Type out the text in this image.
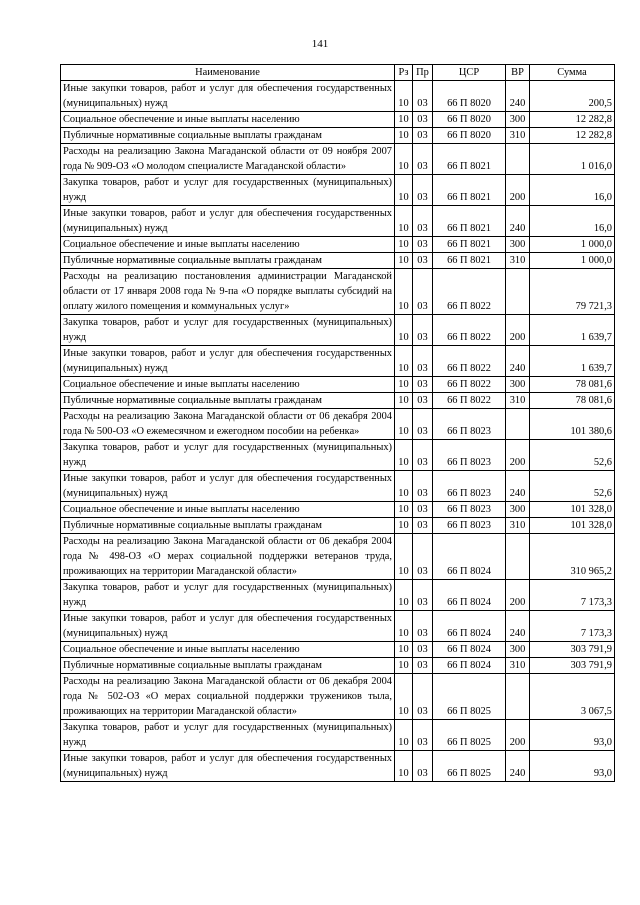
141
Наименование	Рз	Пр	ЦСР	ВР	Сумма
Иные закупки товаров, работ и услуг для обеспечения государственных (муниципальных) нужд	10	03	66 П 8020	240	200,5
Социальное обеспечение и иные выплаты населению	10	03	66 П 8020	300	12 282,8
Публичные нормативные социальные выплаты гражданам	10	03	66 П 8020	310	12 282,8
Расходы на реализацию Закона Магаданской области от 09 ноября 2007 года № 909-ОЗ «О молодом специалисте Магаданской области»	10	03	66 П 8021		1 016,0
Закупка товаров, работ и услуг для государственных (муниципальных) нужд	10	03	66 П 8021	200	16,0
Иные закупки товаров, работ и услуг для обеспечения государственных (муниципальных) нужд	10	03	66 П 8021	240	16,0
Социальное обеспечение и иные выплаты населению	10	03	66 П 8021	300	1 000,0
Публичные нормативные социальные выплаты гражданам	10	03	66 П 8021	310	1 000,0
Расходы на реализацию постановления администрации Магаданской области от 17 января 2008 года № 9-па «О порядке выплаты субсидий на оплату жилого помещения и коммунальных услуг»	10	03	66 П 8022		79 721,3
Закупка товаров, работ и услуг для государственных (муниципальных) нужд	10	03	66 П 8022	200	1 639,7
Иные закупки товаров, работ и услуг для обеспечения государственных (муниципальных) нужд	10	03	66 П 8022	240	1 639,7
Социальное обеспечение и иные выплаты населению	10	03	66 П 8022	300	78 081,6
Публичные нормативные социальные выплаты гражданам	10	03	66 П 8022	310	78 081,6
Расходы на реализацию Закона Магаданской области от 06 декабря 2004 года № 500-ОЗ «О ежемесячном и ежегодном пособии на ребенка»	10	03	66 П 8023		101 380,6
Закупка товаров, работ и услуг для государственных (муниципальных) нужд	10	03	66 П 8023	200	52,6
Иные закупки товаров, работ и услуг для обеспечения государственных (муниципальных) нужд	10	03	66 П 8023	240	52,6
Социальное обеспечение и иные выплаты населению	10	03	66 П 8023	300	101 328,0
Публичные нормативные социальные выплаты гражданам	10	03	66 П 8023	310	101 328,0
Расходы на реализацию Закона Магаданской области от 06 декабря 2004 года № 498-ОЗ «О мерах социальной поддержки ветеранов труда, проживающих на территории Магаданской области»	10	03	66 П 8024		310 965,2
Закупка товаров, работ и услуг для государственных (муниципальных) нужд	10	03	66 П 8024	200	7 173,3
Иные закупки товаров, работ и услуг для обеспечения государственных (муниципальных) нужд	10	03	66 П 8024	240	7 173,3
Социальное обеспечение и иные выплаты населению	10	03	66 П 8024	300	303 791,9
Публичные нормативные социальные выплаты гражданам	10	03	66 П 8024	310	303 791,9
Расходы на реализацию Закона Магаданской области от 06 декабря 2004 года № 502-ОЗ «О мерах социальной поддержки тружеников тыла, проживающих на территории Магаданской области»	10	03	66 П 8025		3 067,5
Закупка товаров, работ и услуг для государственных (муниципальных) нужд	10	03	66 П 8025	200	93,0
Иные закупки товаров, работ и услуг для обеспечения государственных (муниципальных) нужд	10	03	66 П 8025	240	93,0
